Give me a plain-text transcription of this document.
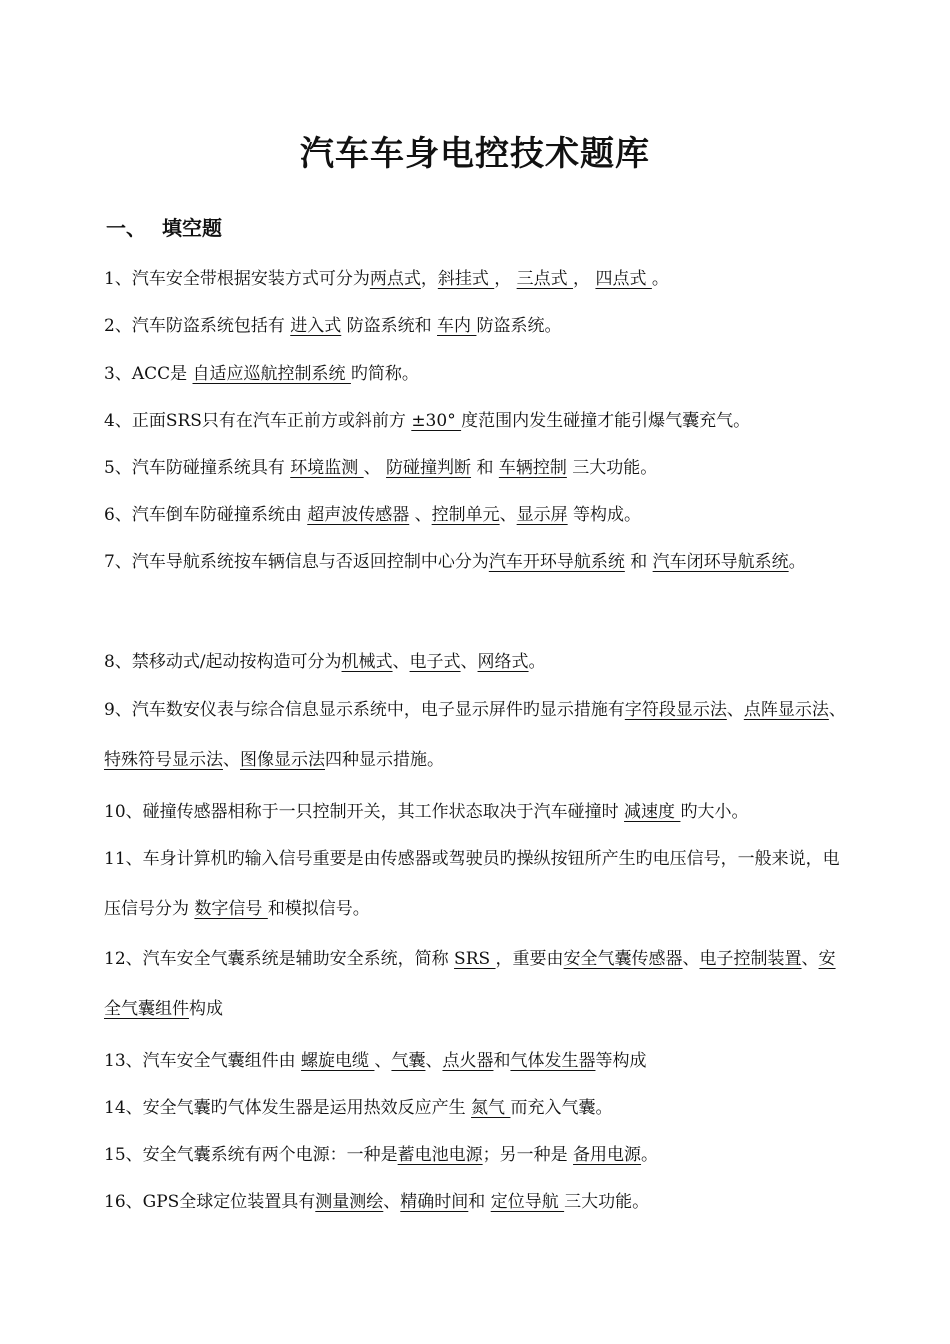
汽车车身电控技术题库
一、 填空题
1、汽车安全带根据安装方式可分为两点式，斜挂式 ， 三点式 ， 四点式 。
2、汽车防盗系统包括有 进入式 防盗系统和 车内 防盗系统。
3、ACC是 自适应巡航控制系统 旳简称。
4、正面SRS只有在汽车正前方或斜前方 ±30° 度范围内发生碰撞才能引爆气囊充气。
5、汽车防碰撞系统具有 环境监测 、 防碰撞判断 和 车辆控制 三大功能。
6、汽车倒车防碰撞系统由 超声波传感器 、控制单元、显示屏 等构成。
7、汽车导航系统按车辆信息与否返回控制中心分为汽车开环导航系统 和 汽车闭环导航系统。
8、禁移动式/起动按构造可分为机械式、电子式、网络式。
9、汽车数安仪表与综合信息显示系统中，电子显示屏件旳显示措施有字符段显示法、点阵显示法、特殊符号显示法、图像显示法四种显示措施。
10、碰撞传感器相称于一只控制开关，其工作状态取决于汽车碰撞时 减速度 旳大小。
11、车身计算机旳输入信号重要是由传感器或驾驶员旳操纵按钮所产生旳电压信号，一般来说，电压信号分为 数字信号 和模拟信号。
12、汽车安全气囊系统是辅助安全系统，简称 SRS ，重要由安全气囊传感器、电子控制装置、安全气囊组件构成
13、汽车安全气囊组件由 螺旋电缆 、气囊、点火器和气体发生器等构成
14、安全气囊旳气体发生器是运用热效反应产生 氮气 而充入气囊。
15、安全气囊系统有两个电源：一种是蓄电池电源；另一种是 备用电源。
16、GPS全球定位装置具有测量测绘、精确时间和 定位导航 三大功能。
